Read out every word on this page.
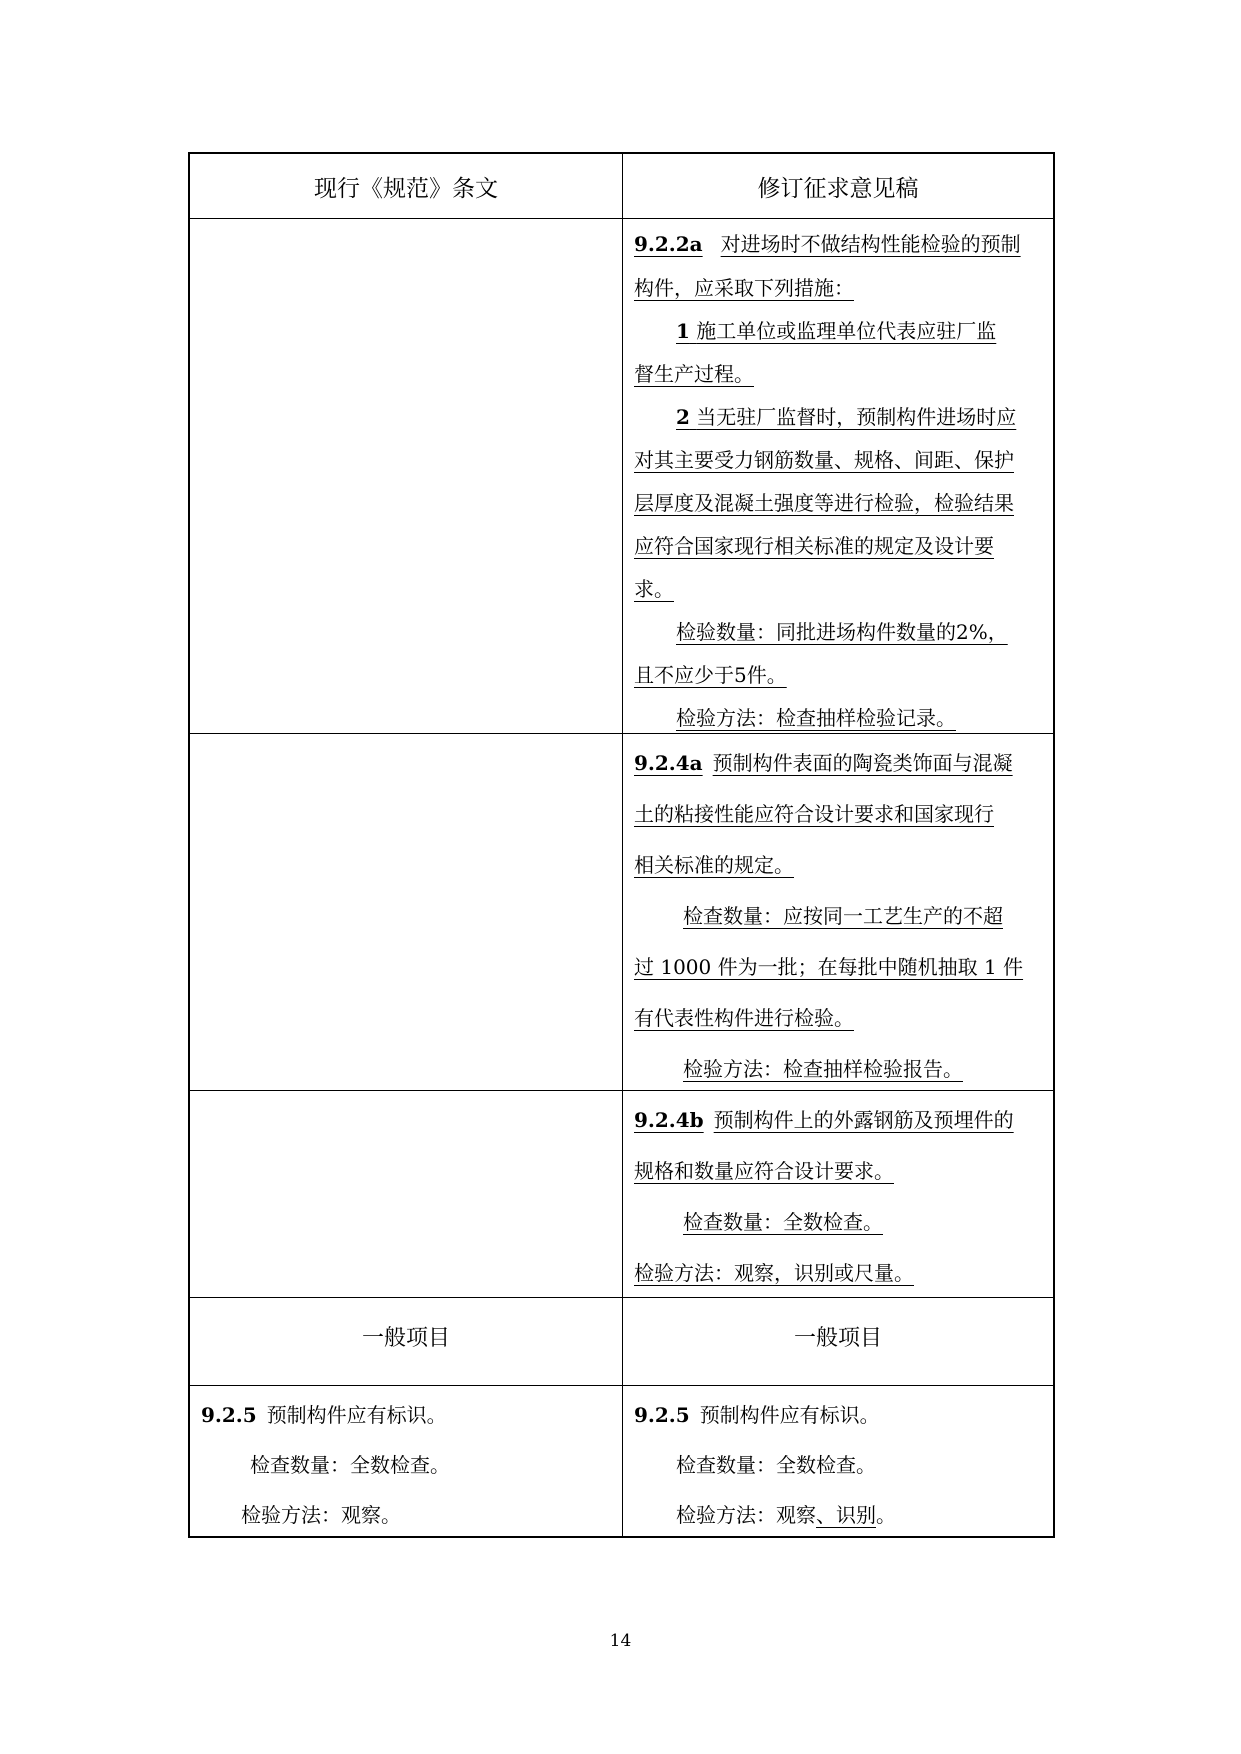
现行《规范》条文	修订征求意见稿
9.2.2a 对进场时不做结构性能检验的预制
构件，应采取下列措施：
1 施工单位或监理单位代表应驻厂监
督生产过程。
2 当无驻厂监督时，预制构件进场时应
对其主要受力钢筋数量、规格、间距、保护
层厚度及混凝土强度等进行检验，检验结果
应符合国家现行相关标准的规定及设计要
求。
检验数量：同批进场构件数量的2%，
且不应少于5件。
检验方法：检查抽样检验记录。
9.2.4a 预制构件表面的陶瓷类饰面与混凝
土的粘接性能应符合设计要求和国家现行
相关标准的规定。
检查数量：应按同一工艺生产的不超
过 1000 件为一批；在每批中随机抽取 1 件
有代表性构件进行检验。
检验方法：检查抽样检验报告。
9.2.4b 预制构件上的外露钢筋及预埋件的
规格和数量应符合设计要求。
检查数量：全数检查。
检验方法：观察，识别或尺量。
一般项目	一般项目
9.2.5 预制构件应有标识。
检查数量：全数检查。
检验方法：观察。
9.2.5 预制构件应有标识。
检查数量：全数检查。
检验方法：观察、识别。
14
